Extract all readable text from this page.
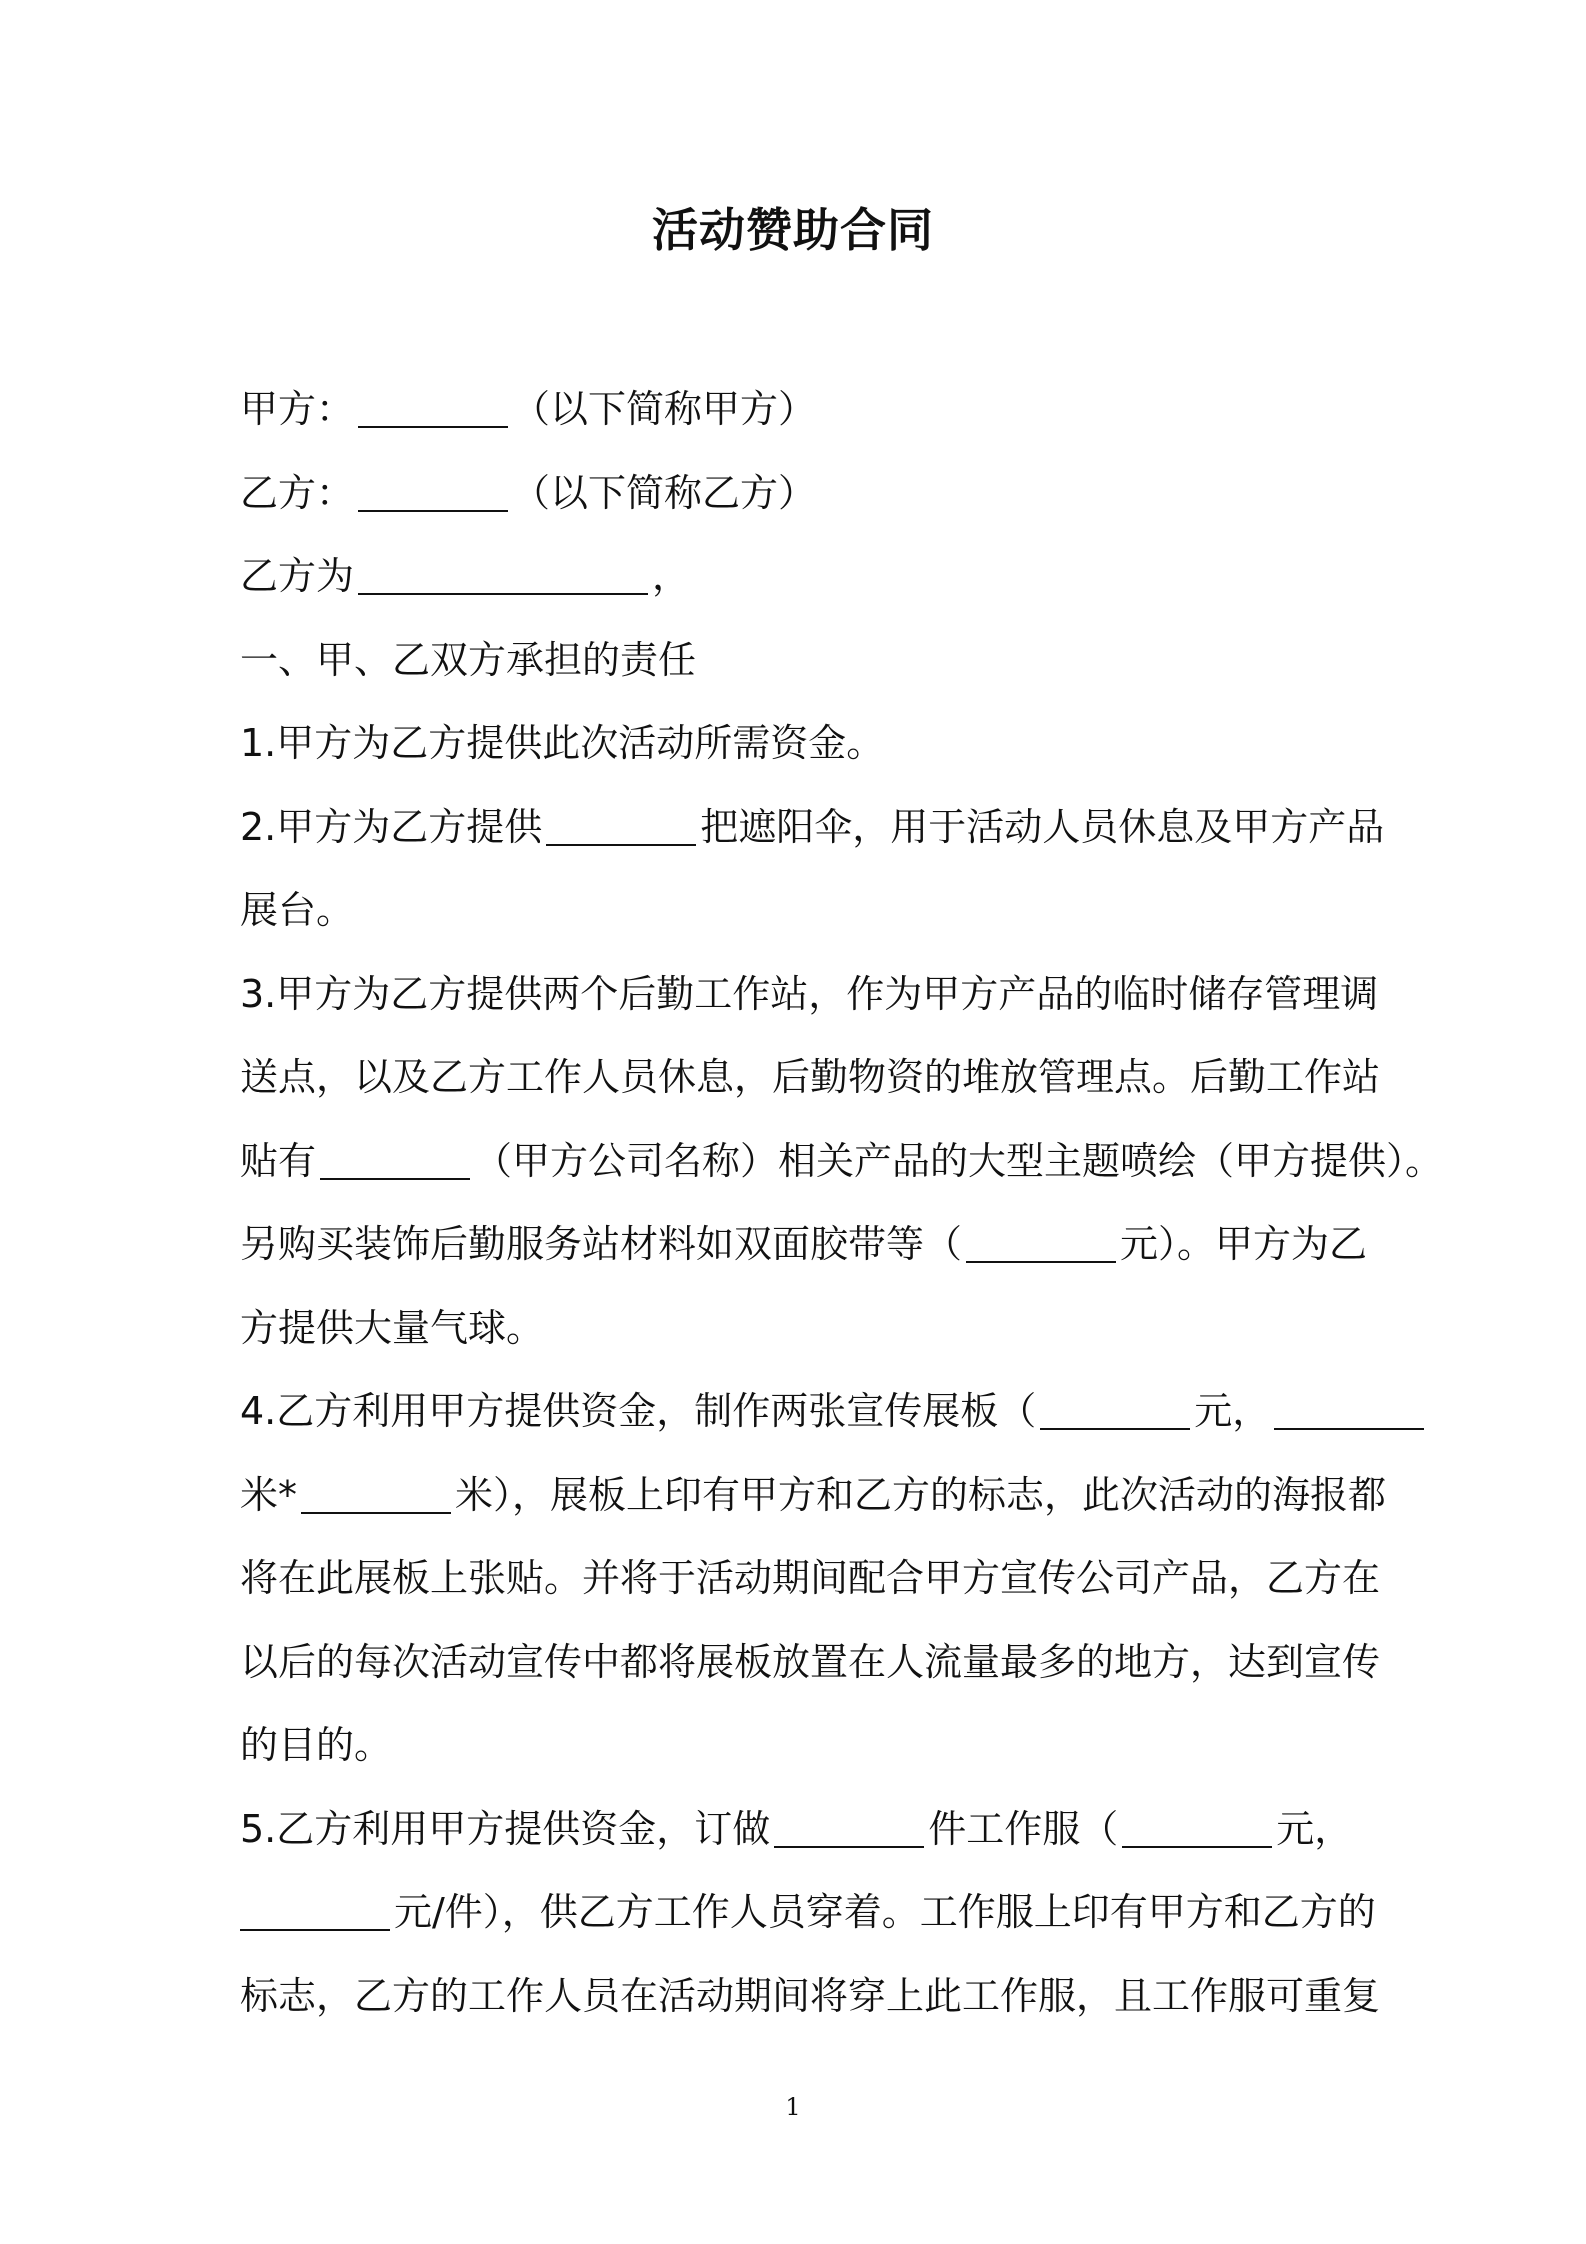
活动赞助合同
甲方：	（以下简称甲方）
乙方：	（以下简称乙方）
乙方为	，
一、甲、乙双方承担的责任
1.甲方为乙方提供此次活动所需资金。
2.甲方为乙方提供	把遮阳伞，用于活动人员休息及甲方产品
展台。
3.甲方为乙方提供两个后勤工作站，作为甲方产品的临时储存管理调
送点，以及乙方工作人员休息，后勤物资的堆放管理点。后勤工作站
贴有	（甲方公司名称）相关产品的大型主题喷绘（甲方提供）。
另购买装饰后勤服务站材料如双面胶带等（	元）。甲方为乙
方提供大量气球。
4.乙方利用甲方提供资金，制作两张宣传展板（	元，
米*	米），展板上印有甲方和乙方的标志，此次活动的海报都
将在此展板上张贴。并将于活动期间配合甲方宣传公司产品，乙方在
以后的每次活动宣传中都将展板放置在人流量最多的地方，达到宣传
的目的。
5.乙方利用甲方提供资金，订做	件工作服（	元，
元/件），供乙方工作人员穿着。工作服上印有甲方和乙方的
标志，乙方的工作人员在活动期间将穿上此工作服，且工作服可重复
1
